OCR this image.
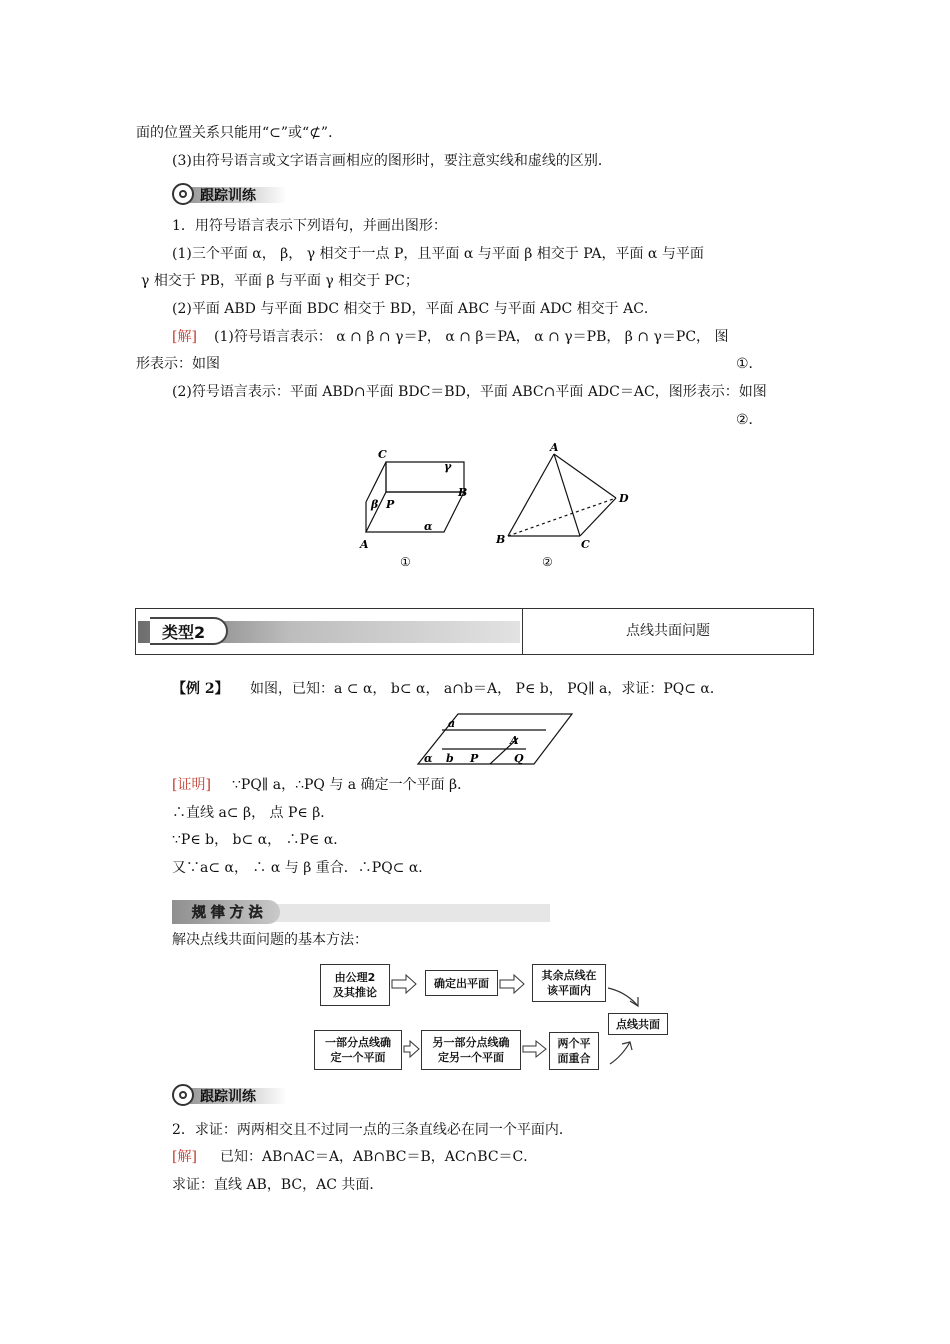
面的位置关系只能用“⊂”或“⊄”．
(3)由符号语言或文字语言画相应的图形时，要注意实线和虚线的区别．
跟踪训练
1．用符号语言表示下列语句，并画出图形：
(1)三个平面 α， β， γ 相交于一点 P，且平面 α 与平面 β 相交于 PA，平面 α 与平面
γ 相交于 PB，平面 β 与平面 γ 相交于 PC；
(2)平面 ABD 与平面 BDC 相交于 BD，平面 ABC 与平面 ADC 相交于 AC．
[解] (1)符号语言表示： α ∩ β ∩ γ＝P， α ∩ β＝PA， α ∩ γ＝PB， β ∩ γ＝PC， 图
形表示：如图	①．
(2)符号语言表示：平面 ABD∩平面 BDC＝BD，平面 ABC∩平面 ADC＝AC，图形表示：如图
②．
C
γ
B
β P
α
A
①
A
D
B	C
②
类型2	点线共面问题
【例 2】 如图，已知：a ⊂ α， b⊂ α， a∩b＝A， P∈ b， PQ∥ a，求证：PQ⊂ α．
a
A
α b P	Q
[证明] ∵PQ∥ a，∴PQ 与 a 确定一个平面 β．
∴直线 a⊂ β， 点 P∈ β．
∵P∈ b， b⊂ α， ∴P∈ α．
又∵a⊂ α， ∴ α 与 β 重合．∴PQ⊂ α．
规 律 方 法
解决点线共面问题的基本方法：
由公理2
及其推论
确定出平面
其余点线在
该平面内
点线共面
一部分点线确
定一个平面
另一部分点线确
定另一个平面
两个平
面重合
跟踪训练
2．求证：两两相交且不过同一点的三条直线必在同一个平面内．
[解] 已知：AB∩AC＝A，AB∩BC＝B，AC∩BC＝C．
求证：直线 AB，BC，AC 共面．
